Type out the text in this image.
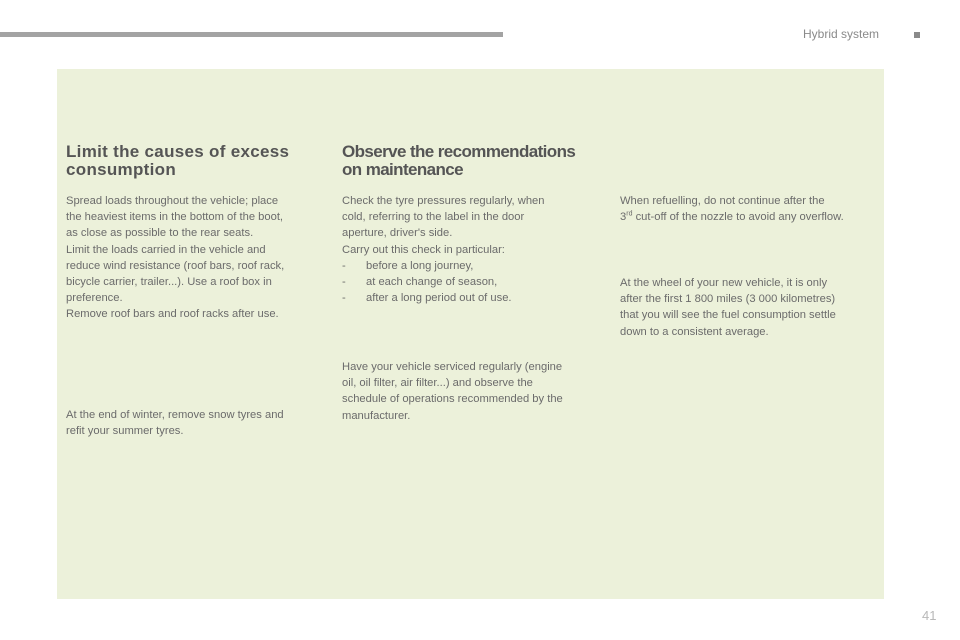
Hybrid system
Limit the causes of excess
consumption

Spread loads throughout the vehicle; place
the heaviest items in the bottom of the boot,
as close as possible to the rear seats.
Limit the loads carried in the vehicle and
reduce wind resistance (roof bars, roof rack,
bicycle carrier, trailer...). Use a roof box in
preference.
Remove roof bars and roof racks after use.

At the end of winter, remove snow tyres and
refit your summer tyres.

Observe the recommendations
on maintenance

Check the tyre pressures regularly, when
cold, referring to the label in the door
aperture, driver's side.
Carry out this check in particular:
- before a long journey,
- at each change of season,
- after a long period out of use.

Have your vehicle serviced regularly (engine
oil, oil filter, air filter...) and observe the
schedule of operations recommended by the
manufacturer.

When refuelling, do not continue after the
3rd cut-off of the nozzle to avoid any overflow.

At the wheel of your new vehicle, it is only
after the first 1 800 miles (3 000 kilometres)
that you will see the fuel consumption settle
down to a consistent average.

41
